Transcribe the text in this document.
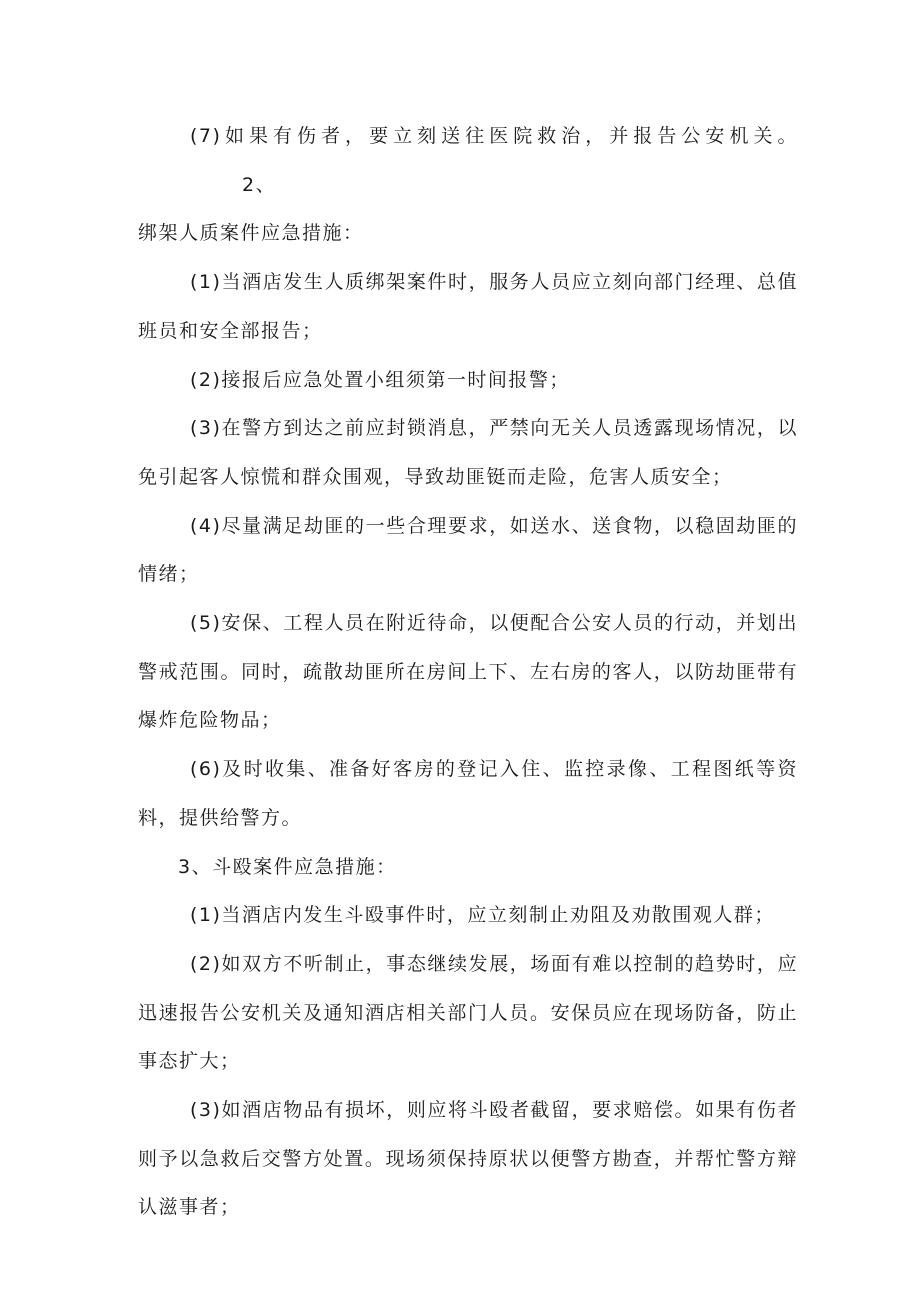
(7)如果有伤者，要立刻送往医院救治，并报告公安机关。2、

绑架人质案件应急措施：

(1)当酒店发生人质绑架案件时，服务人员应立刻向部门经理、总值班员和安全部报告；

(2)接报后应急处置小组须第一时间报警；

(3)在警方到达之前应封锁消息，严禁向无关人员透露现场情况，以免引起客人惊慌和群众围观，导致劫匪铤而走险，危害人质安全；

(4)尽量满足劫匪的一些合理要求，如送水、送食物，以稳固劫匪的情绪；

(5)安保、工程人员在附近待命，以便配合公安人员的行动，并划出警戒范围。同时，疏散劫匪所在房间上下、左右房的客人，以防劫匪带有爆炸危险物品；

(6)及时收集、准备好客房的登记入住、监控录像、工程图纸等资料，提供给警方。

3、斗殴案件应急措施：

(1)当酒店内发生斗殴事件时，应立刻制止劝阻及劝散围观人群；

(2)如双方不听制止，事态继续发展，场面有难以控制的趋势时，应迅速报告公安机关及通知酒店相关部门人员。安保员应在现场防备，防止事态扩大；

(3)如酒店物品有损坏，则应将斗殴者截留，要求赔偿。如果有伤者则予以急救后交警方处置。现场须保持原状以便警方勘查，并帮忙警方辩认滋事者；
